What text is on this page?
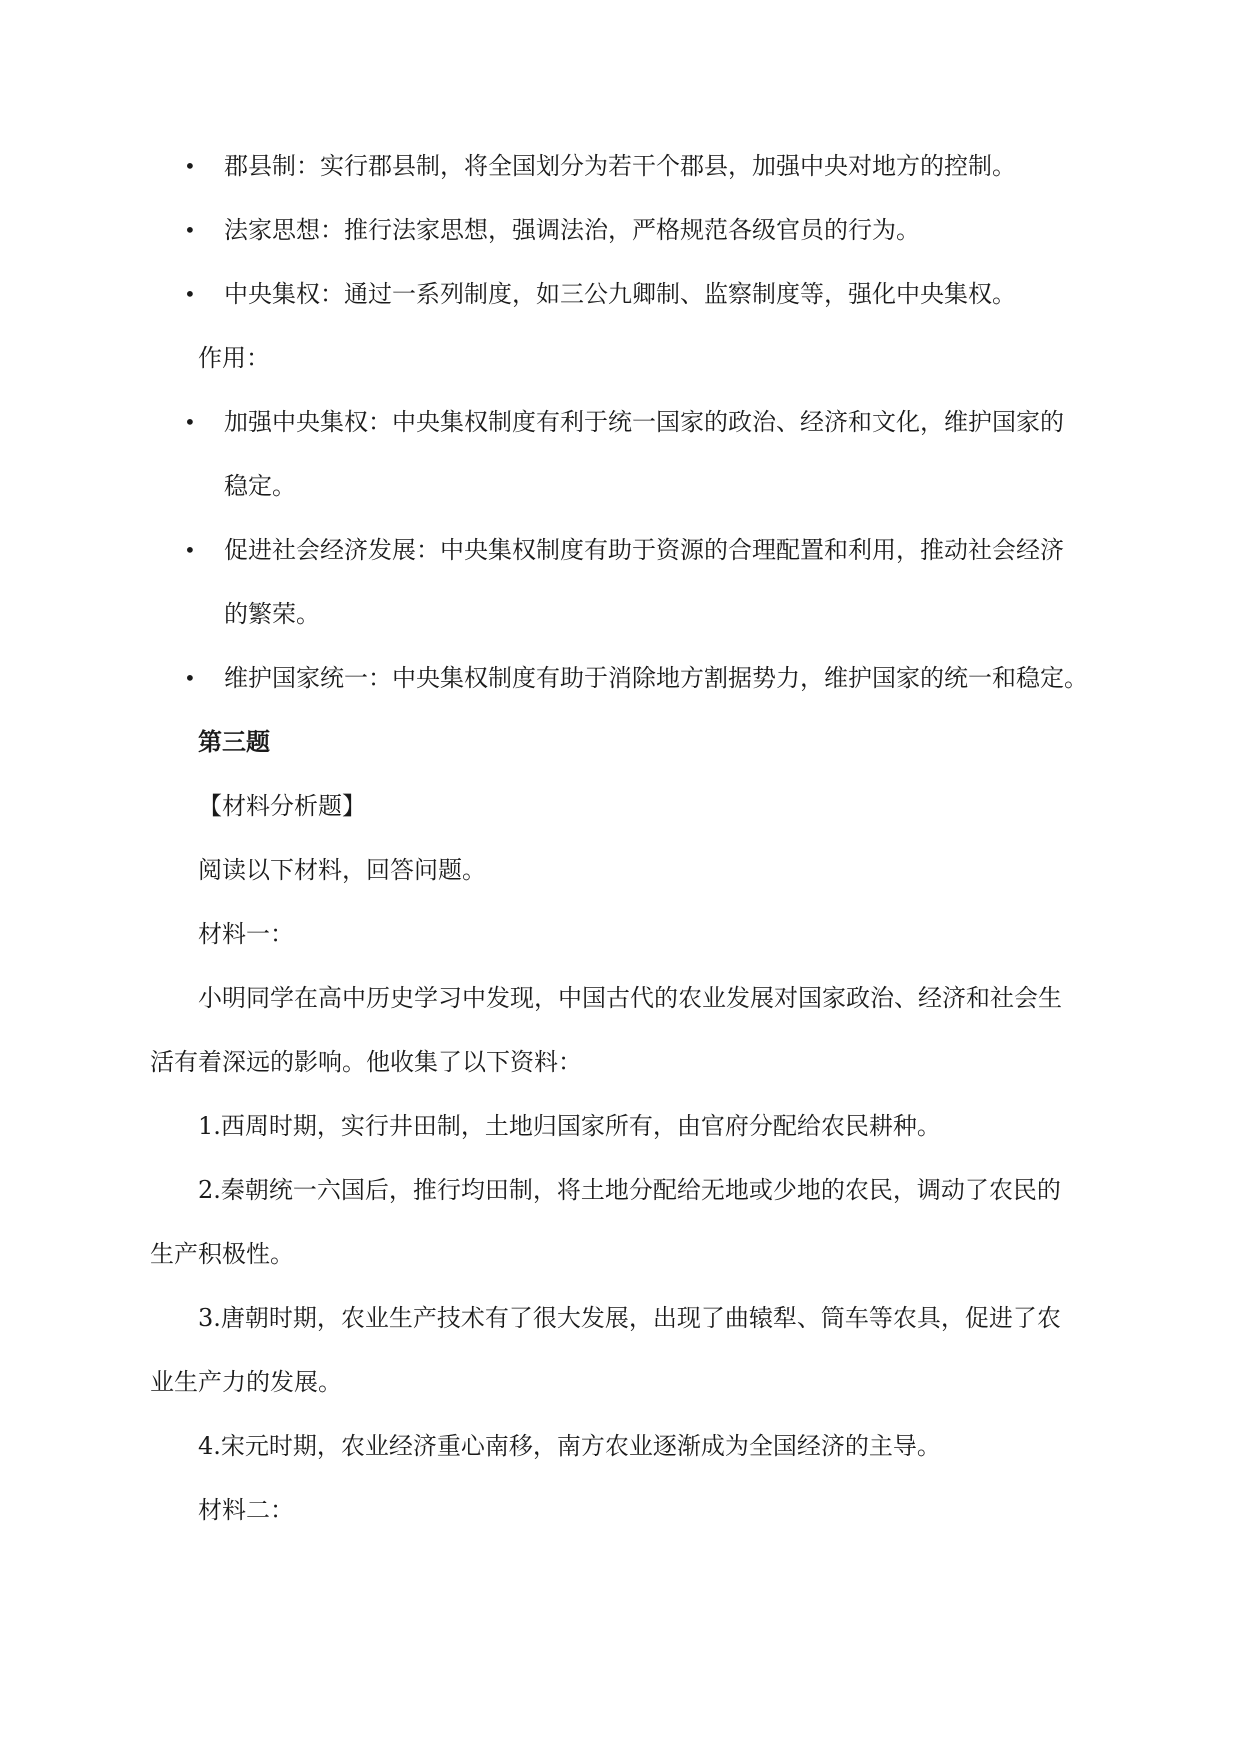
• 郡县制：实行郡县制，将全国划分为若干个郡县，加强中央对地方的控制。
• 法家思想：推行法家思想，强调法治，严格规范各级官员的行为。
• 中央集权：通过一系列制度，如三公九卿制、监察制度等，强化中央集权。
作用：
• 加强中央集权：中央集权制度有利于统一国家的政治、经济和文化，维护国家的
稳定。
• 促进社会经济发展：中央集权制度有助于资源的合理配置和利用，推动社会经济
的繁荣。
• 维护国家统一：中央集权制度有助于消除地方割据势力，维护国家的统一和稳定。
第三题
【材料分析题】
阅读以下材料，回答问题。
材料一：
小明同学在高中历史学习中发现，中国古代的农业发展对国家政治、经济和社会生
活有着深远的影响。他收集了以下资料：
1.西周时期，实行井田制，土地归国家所有，由官府分配给农民耕种。
2.秦朝统一六国后，推行均田制，将土地分配给无地或少地的农民，调动了农民的
生产积极性。
3.唐朝时期，农业生产技术有了很大发展，出现了曲辕犁、筒车等农具，促进了农
业生产力的发展。
4.宋元时期，农业经济重心南移，南方农业逐渐成为全国经济的主导。
材料二：
